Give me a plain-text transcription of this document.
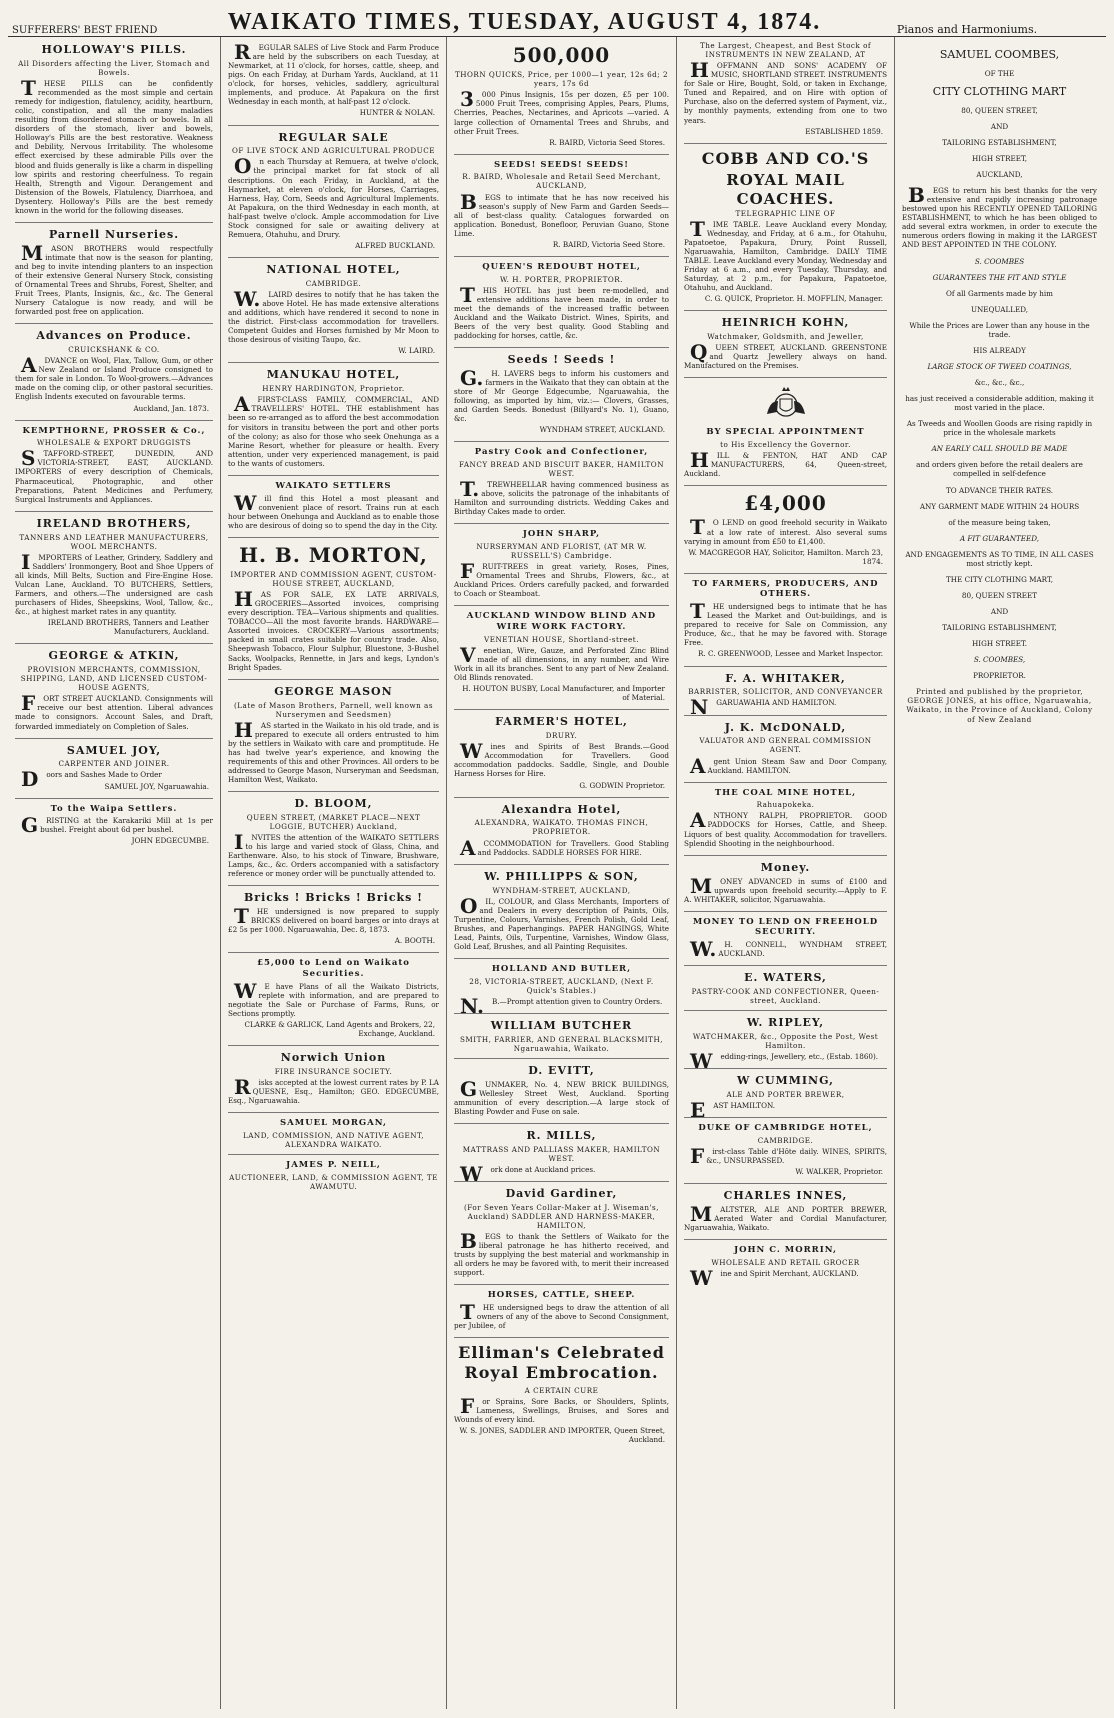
SUFFERERS' BEST FRIEND	WAIKATO TIMES, TUESDAY, AUGUST 4, 1874.	Pianos and Harmoniums.
HOLLOWAY'S PILLS.
All Disorders affecting the Liver, Stomach and Bowels.

THESE PILLS can be confidently recommended as the most simple and certain remedy for indigestion, flatulency, acidity, heartburn, colic, constipation, and all the many maladies resulting from disordered stomach or bowels. In all disorders of the stomach, liver and bowels, Holloway's Pills are the best restorative. Weakness and Debility, Nervous Irritability. The wholesome effect exercised by these admirable Pills over the blood and fluids generally is like a charm in dispelling low spirits and restoring cheerfulness. To regain Health, Strength and Vigour. Derangement and Distension of the Bowels, Flatulency, Diarrhoea, and Dysentery. Holloway's Pills are the best remedy known in the world for the following diseases.

Parnell Nurseries.

MASON BROTHERS would respectfully intimate that now is the season for planting, and beg to invite intending planters to an inspection of their extensive General Nursery Stock, consisting of Ornamental Trees and Shrubs, Forest, Shelter, and Fruit Trees, Plants, Insignis, &c., &c. The General Nursery Catalogue is now ready, and will be forwarded post free on application.

Advances on Produce.
CRUICKSHANK & CO.

ADVANCE on Wool, Flax, Tallow, Gum, or other New Zealand or Island Produce consigned to them for sale in London. To Wool-growers.—Advances made on the coming clip, or other pastoral securities. English Indents executed on favourable terms.

Auckland, Jan. 1873.
KEMPTHORNE, PROSSER & Co.,
WHOLESALE & EXPORT DRUGGISTS

STAFFORD-STREET, DUNEDIN, AND VICTORIA-STREET, EAST, AUCKLAND. IMPORTERS of every description of Chemicals, Pharmaceutical, Photographic, and other Preparations, Patent Medicines and Perfumery, Surgical Instruments and Appliances.

IRELAND BROTHERS,
TANNERS AND LEATHER MANUFACTURERS, WOOL MERCHANTS.

IMPORTERS of Leather, Grindery, Saddlery and Saddlers' Ironmongery, Boot and Shoe Uppers of all kinds, Mill Belts, Suction and Fire-Engine Hose. Vulcan Lane, Auckland. TO BUTCHERS, Settlers, Farmers, and others.—The undersigned are cash purchasers of Hides, Sheepskins, Wool, Tallow, &c., &c., at highest market rates in any quantity.

IRELAND BROTHERS, Tanners and Leather Manufacturers, Auckland.
GEORGE & ATKIN,
PROVISION MERCHANTS, COMMISSION, SHIPPING, LAND, AND LICENSED CUSTOM-HOUSE AGENTS,

FORT STREET AUCKLAND. Consignments will receive our best attention. Liberal advances made to consignors. Account Sales, and Draft, forwarded immediately on Completion of Sales.

SAMUEL JOY,
CARPENTER AND JOINER.

Doors and Sashes Made to Order

SAMUEL JOY, Ngaruawahia.
To the Waipa Settlers.

GRISTING at the Karakariki Mill at 1s per bushel. Freight about 6d per bushel.

JOHN EDGECUMBE.

REGULAR SALES of Live Stock and Farm Produce are held by the subscribers on each Tuesday, at Newmarket, at 11 o'clock, for horses, cattle, sheep, and pigs. On each Friday, at Durham Yards, Auckland, at 11 o'clock, for horses, vehicles, saddlery, agricultural implements, and produce. At Papakura on the first Wednesday in each month, at half-past 12 o'clock.

HUNTER & NOLAN.
REGULAR SALE
OF LIVE STOCK AND AGRICULTURAL PRODUCE

On each Thursday at Remuera, at twelve o'clock, the principal market for fat stock of all descriptions. On each Friday, in Auckland, at the Haymarket, at eleven o'clock, for Horses, Carriages, Harness, Hay, Corn, Seeds and Agricultural Implements. At Papakura, on the third Wednesday in each month, at half-past twelve o'clock. Ample accommodation for Live Stock consigned for sale or awaiting delivery at Remuera, Otahuhu, and Drury.

ALFRED BUCKLAND.
NATIONAL HOTEL,
CAMBRIDGE.

W.LAIRD desires to notify that he has taken the above Hotel. He has made extensive alterations and additions, which have rendered it second to none in the district. First-class accommodation for travellers. Competent Guides and Horses furnished by Mr Moon to those desirous of visiting Taupo, &c.

W. LAIRD.
MANUKAU HOTEL,
HENRY HARDINGTON, Proprietor.

AFIRST-CLASS FAMILY, COMMERCIAL, AND TRAVELLERS' HOTEL. THE establishment has been so re-arranged as to afford the best accommodation for visitors in transitu between the port and other ports of the colony; as also for those who seek Onehunga as a Marine Resort, whether for pleasure or health. Every attention, under very experienced management, is paid to the wants of customers.

WAIKATO SETTLERS

Will find this Hotel a most pleasant and convenient place of resort. Trains run at each hour between Onehunga and Auckland as to enable those who are desirous of doing so to spend the day in the City.

H. B. MORTON,
IMPORTER AND COMMISSION AGENT, CUSTOM-HOUSE STREET, AUCKLAND,

HAS FOR SALE, EX LATE ARRIVALS, GROCERIES—Assorted invoices, comprising every description. TEA—Various shipments and qualities. TOBACCO—All the most favorite brands. HARDWARE—Assorted invoices. CROCKERY—Various assortments; packed in small crates suitable for country trade. Also, Sheepwash Tobacco, Flour Sulphur, Bluestone, 3-Bushel Sacks, Woolpacks, Rennette, in Jars and kegs, Lyndon's Bright Spades.

GEORGE MASON
(Late of Mason Brothers, Parnell, well known as Nurserymen and Seedsmen)

HAS started in the Waikato in his old trade, and is prepared to execute all orders entrusted to him by the settlers in Waikato with care and promptitude. He has had twelve year's experience, and knowing the requirements of this and other Provinces. All orders to be addressed to George Mason, Nurseryman and Seedsman, Hamilton West, Waikato.

D. BLOOM,
QUEEN STREET, (MARKET PLACE—NEXT LOGGIE, BUTCHER) Auckland,

INVITES the attention of the WAIKATO SETTLERS to his large and varied stock of Glass, China, and Earthenware. Also, to his stock of Tinware, Brushware, Lamps, &c., &c. Orders accompanied with a satisfactory reference or money order will be punctually attended to.

Bricks ! Bricks ! Bricks !

THE undersigned is now prepared to supply BRICKS delivered on board barges or into drays at £2 5s per 1000. Ngaruawahia, Dec. 8, 1873.

A. BOOTH.
£5,000 to Lend on Waikato Securities.

WE have Plans of all the Waikato Districts, replete with information, and are prepared to negotiate the Sale or Purchase of Farms, Runs, or Sections promptly.

CLARKE & GARLICK, Land Agents and Brokers, 22, Exchange, Auckland.
Norwich Union
FIRE INSURANCE SOCIETY.

Risks accepted at the lowest current rates by P. LA QUESNE, Esq., Hamilton; GEO. EDGECUMBE, Esq., Ngaruawahia.

SAMUEL MORGAN,
LAND, COMMISSION, AND NATIVE AGENT, ALEXANDRA WAIKATO.
JAMES P. NEILL,
AUCTIONEER, LAND, & COMMISSION AGENT, TE AWAMUTU.
500,000
THORN QUICKS, Price, per 1000—1 year, 12s 6d; 2 years, 17s 6d

3000 Pinus Insignis, 15s per dozen, £5 per 100. 5000 Fruit Trees, comprising Apples, Pears, Plums, Cherries, Peaches, Nectarines, and Apricots —varied. A large collection of Ornamental Trees and Shrubs, and other Fruit Trees.

R. BAIRD, Victoria Seed Stores.
SEEDS! SEEDS! SEEDS!
R. BAIRD, Wholesale and Retail Seed Merchant, AUCKLAND,

BEGS to intimate that he has now received his season's supply of New Farm and Garden Seeds—all of best-class quality. Catalogues forwarded on application. Bonedust, Bonefloor, Peruvian Guano, Stone Lime.

R. BAIRD, Victoria Seed Store.
QUEEN'S REDOUBT HOTEL,
W. H. PORTER, PROPRIETOR.

THIS HOTEL has just been re-modelled, and extensive additions have been made, in order to meet the demands of the increased traffic between Auckland and the Waikato District. Wines, Spirits, and Beers of the very best quality. Good Stabling and paddocking for horses, cattle, &c.

Seeds ! Seeds !

G.H. LAVERS begs to inform his customers and farmers in the Waikato that they can obtain at the store of Mr George Edgecumbe, Ngaruawahia, the following, as imported by him, viz.:— Clovers, Grasses, and Garden Seeds. Bonedust (Billyard's No. 1), Guano, &c.

WYNDHAM STREET, AUCKLAND.
Pastry Cook and Confectioner,
FANCY BREAD AND BISCUIT BAKER, HAMILTON WEST.

T.TREWHEELLAR having commenced business as above, solicits the patronage of the inhabitants of Hamilton and surrounding districts. Wedding Cakes and Birthday Cakes made to order.

JOHN SHARP,
NURSERYMAN AND FLORIST, (AT MR W. RUSSELL'S) Cambridge.

FRUIT-TREES in great variety, Roses, Pines, Ornamental Trees and Shrubs, Flowers, &c., at Auckland Prices. Orders carefully packed, and forwarded to Coach or Steamboat.

AUCKLAND WINDOW BLIND AND WIRE WORK FACTORY.
VENETIAN HOUSE, Shortland-street.

Venetian, Wire, Gauze, and Perforated Zinc Blind made of all dimensions, in any number, and Wire Work in all its branches. Sent to any part of New Zealand. Old Blinds renovated.

H. HOUTON BUSBY, Local Manufacturer, and Importer of Material.
FARMER'S HOTEL,
DRURY.

Wines and Spirits of Best Brands.—Good Accommodation for Travellers. Good accommodation paddocks. Saddle, Single, and Double Harness Horses for Hire.

G. GODWIN Proprietor.
Alexandra Hotel,
ALEXANDRA, WAIKATO. THOMAS FINCH, PROPRIETOR.

ACCOMMODATION for Travellers. Good Stabling and Paddocks. SADDLE HORSES FOR HIRE.

W. PHILLIPPS & SON,
WYNDHAM-STREET, AUCKLAND,

OIL, COLOUR, and Glass Merchants, Importers of and Dealers in every description of Paints, Oils, Turpentine, Colours, Varnishes, French Polish, Gold Leaf, Brushes, and Paperhangings. PAPER HANGINGS, White Lead, Paints, Oils, Turpentine, Varnishes, Window Glass, Gold Leaf, Brushes, and all Painting Requisites.

HOLLAND AND BUTLER,
28, VICTORIA-STREET, AUCKLAND, (Next F. Quick's Stables.)

N.B.—Prompt attention given to Country Orders.

WILLIAM BUTCHER
SMITH, FARRIER, AND GENERAL BLACKSMITH, Ngaruawahia, Waikato.
D. EVITT,

GUNMAKER, No. 4, NEW BRICK BUILDINGS, Wellesley Street West, Auckland. Sporting ammunition of every description.—A large stock of Blasting Powder and Fuse on sale.

R. MILLS,
MATTRASS AND PALLIASS MAKER, HAMILTON WEST.

Work done at Auckland prices.

David Gardiner,
(For Seven Years Collar-Maker at J. Wiseman's, Auckland) SADDLER AND HARNESS-MAKER, HAMILTON,

BEGS to thank the Settlers of Waikato for the liberal patronage he has hitherto received, and trusts by supplying the best material and workmanship in all orders he may be favored with, to merit their increased support.

HORSES, CATTLE, SHEEP.

THE undersigned begs to draw the attention of all owners of any of the above to Second Consignment, per Jubilee, of

Elliman's Celebrated Royal Embrocation.
A CERTAIN CURE

For Sprains, Sore Backs, or Shoulders, Splints, Lameness, Swellings, Bruises, and Sores and Wounds of every kind.

W. S. JONES, SADDLER AND IMPORTER, Queen Street, Auckland.
The Largest, Cheapest, and Best Stock of INSTRUMENTS IN NEW ZEALAND, AT

HOFFMANN AND SONS' ACADEMY OF MUSIC, SHORTLAND STREET. INSTRUMENTS for Sale or Hire, Bought, Sold, or taken in Exchange, Tuned and Repaired, and on Hire with option of Purchase, also on the deferred system of Payment, viz., by monthly payments, extending from one to two years.

ESTABLISHED 1859.
COBB AND CO.'S
ROYAL MAIL COACHES.
TELEGRAPHIC LINE OF

TIME TABLE. Leave Auckland every Monday, Wednesday, and Friday, at 6 a.m., for Otahuhu, Papatoetoe, Papakura, Drury, Point Russell, Ngaruawahia, Hamilton, Cambridge. DAILY TIME TABLE. Leave Auckland every Monday, Wednesday and Friday at 6 a.m., and every Tuesday, Thursday, and Saturday, at 2 p.m., for Papakura, Papatoetoe, Otahuhu, and Auckland.

C. G. QUICK, Proprietor. H. MOFFLIN, Manager.
HEINRICH KOHN,
Watchmaker, Goldsmith, and Jeweller,

QUEEN STREET, AUCKLAND. GREENSTONE and Quartz Jewellery always on hand. Manufactured on the Premises.

BY SPECIAL APPOINTMENT
to His Excellency the Governor.

HILL & FENTON, HAT AND CAP MANUFACTURERS, 64, Queen-street, Auckland.

£4,000

TO LEND on good freehold security in Waikato at a low rate of interest. Also several sums varying in amount from £50 to £1,400.

W. MACGREGOR HAY, Solicitor, Hamilton. March 23, 1874.
TO FARMERS, PRODUCERS, AND OTHERS.

THE undersigned begs to intimate that he has Leased the Market and Out-buildings, and is prepared to receive for Sale on Commission, any Produce, &c., that he may be favored with. Storage Free.

R. C. GREENWOOD, Lessee and Market Inspector.
F. A. WHITAKER,
BARRISTER, SOLICITOR, AND CONVEYANCER

NGARUAWAHIA AND HAMILTON.

J. K. McDONALD,
VALUATOR AND GENERAL COMMISSION AGENT.

Agent Union Steam Saw and Door Company, Auckland. HAMILTON.

THE COAL MINE HOTEL,
Rahuapokeka.

ANTHONY RALPH, PROPRIETOR. GOOD PADDOCKS for Horses, Cattle, and Sheep. Liquors of best quality. Accommodation for travellers. Splendid Shooting in the neighbourhood.

Money.

MONEY ADVANCED in sums of £100 and upwards upon freehold security.—Apply to F. A. WHITAKER, solicitor, Ngaruawahia.

MONEY TO LEND ON FREEHOLD SECURITY.

W.H. CONNELL, WYNDHAM STREET, AUCKLAND.

E. WATERS,
PASTRY-COOK AND CONFECTIONER, Queen-street, Auckland.
W. RIPLEY,
WATCHMAKER, &c., Opposite the Post, West Hamilton.

Wedding-rings, Jewellery, etc., (Estab. 1860).

W CUMMING,
ALE AND PORTER BREWER,

EAST HAMILTON.

DUKE OF CAMBRIDGE HOTEL,
CAMBRIDGE.

First-class Table d'Hôte daily. WINES, SPIRITS, &c., UNSURPASSED.

W. WALKER, Proprietor.
CHARLES INNES,

MALTSTER, ALE AND PORTER BREWER, Aerated Water and Cordial Manufacturer, Ngaruawahia, Waikato.

JOHN C. MORRIN,
WHOLESALE AND RETAIL GROCER

Wine and Spirit Merchant, AUCKLAND.

SAMUEL COOMBES,
OF THE
CITY CLOTHING MART
80, QUEEN STREET,
AND
TAILORING ESTABLISHMENT,
HIGH STREET,
AUCKLAND,

BEGS to return his best thanks for the very extensive and rapidly increasing patronage bestowed upon his RECENTLY OPENED TAILORING ESTABLISHMENT, to which he has been obliged to add several extra workmen, in order to execute the numerous orders flowing in making it the LARGEST AND BEST APPOINTED IN THE COLONY.

S. COOMBES
GUARANTEES THE FIT AND STYLE
Of all Garments made by him
UNEQUALLED,
While the Prices are Lower than any house in the trade.
HIS ALREADY
LARGE STOCK OF TWEED COATINGS,
&c., &c., &c.,
has just received a considerable addition, making it most varied in the place.
As Tweeds and Woollen Goods are rising rapidly in price in the wholesale markets
AN EARLY CALL SHOULD BE MADE
and orders given before the retail dealers are compelled in self-defence
TO ADVANCE THEIR RATES.
ANY GARMENT MADE WITHIN 24 HOURS
of the measure being taken,
A FIT GUARANTEED,
AND ENGAGEMENTS AS TO TIME, IN ALL CASES most strictly kept.
THE CITY CLOTHING MART,
80, QUEEN STREET
AND
TAILORING ESTABLISHMENT,
HIGH STREET.
S. COOMBES,
PROPRIETOR.
Printed and published by the proprietor, GEORGE JONES, at his office, Ngaruawahia, Waikato, in the Province of Auckland, Colony of New Zealand
